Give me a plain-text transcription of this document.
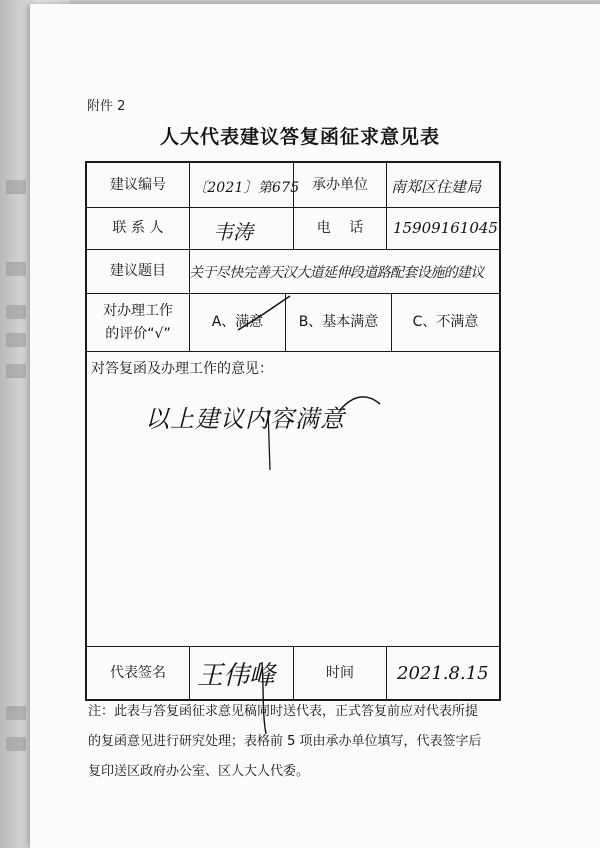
附件 2
人大代表建议答复函征求意见表
建议编号	〔2021〕第675 承办单位	南郑区住建局
联 系 人	韦涛	电　 话	15909161045
建议题目	关于尽快完善天汉大道延伸段道路配套设施的建议
对办理工作
的评价“√”
A、满意	B、基本满意	C、不满意
对答复函及办理工作的意见：
以上建议内容满意
代表签名	王伟峰	时间	2021.8.15

注：此表与答复函征求意见稿同时送代表，正式答复前应对代表所提

的复函意见进行研究处理；表格前 5 项由承办单位填写，代表签字后

复印送区政府办公室、区人大人代委。
